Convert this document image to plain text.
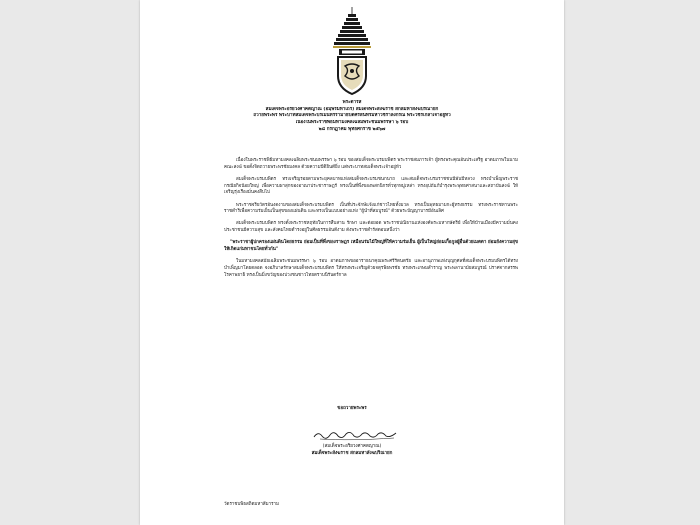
พระดำรัส
สมเด็จพระอริยวงศาคตญาณ (อมฺพรมหาเถร) สมเด็จพระสังฆราช สกลมหาสังฆปริณายก
ถวายพระพร พระบาทสมเด็จพระปรเมนทรรามาธิบดีศรีสินทรมหาวชิราลงกรณ พระวชิรเกล้าเจ้าอยู่หัว
เนื่องในพระราชพิธีมหามงคลเฉลิมพระชนมพรรษา ๖ รอบ
๒๘ กรกฎาคม พุทธศักราช ๒๕๖๗

เนื่องในพระราชพิธีมหามงคลเฉลิมพระชนมพรรษา ๖ รอบ ของสมเด็จพระบรมบพิตร พระราชสมภารเจ้า ผู้ทรงพระคุณอันประเสริฐ อาตมภาพในนามคณะสงฆ์ ขอตั้งจิตถวายพระพรชัยมงคล ด้วยความปีติยินดียิ่ง แด่พระบาทสมเด็จพระเจ้าอยู่หัว

สมเด็จพระบรมบพิตร ทรงเจริญรอยตามพระยุคลบาทแห่งสมเด็จพระบรมชนกนาถ และสมเด็จพระบรมราชชนนีพันปีหลวง ทรงบำเพ็ญพระราชกรณียกิจน้อยใหญ่ เพื่อความผาสุกของอาณาประชาราษฎร์ ทรงเป็นที่พึ่งของพสกนิกรทั่วทุกหมู่เหล่า ทรงอุปถัมภ์บำรุงพระพุทธศาสนาและสถาบันสงฆ์ ให้เจริญรุ่งเรืองมั่นคงสืบไป

พระราชจริยวัตรอันงดงามของสมเด็จพระบรมบพิตร เป็นที่ประจักษ์แจ้งแก่ชาวไทยทั้งมวล ทรงเป็นพุทธมามกะผู้ทรงธรรม ทรงพระราชทานพระราชดำริเพื่อความร่มเย็นเป็นสุขของแผ่นดิน และทรงเป็นแบบอย่างแห่ง "ผู้นำที่สมบูรณ์" ด้วยพระปัญญาบารมีอันเลิศ

สมเด็จพระบรมบพิตร ทรงตั้งพระราชหฤทัยในการสืบสาน รักษา และต่อยอด พระราชปณิธานแห่งองค์พระมหากษัตริย์ เพื่อให้บ้านเมืองมีความมั่นคง ประชาชนมีความสุข และสังคมไทยดำรงอยู่ในศีลธรรมอันดีงาม ดังพระราชดำรัสตอนหนึ่งว่า

"พระราชาผู้ปกครองแผ่นดินโดยธรรม ย่อมเป็นที่พึ่งของราษฎร เหมือนร่มไม้ใหญ่ที่ให้ความร่มเย็น ผู้เป็นใหญ่ย่อมเกื้อกูลผู้อื่นด้วยเมตตา ย่อมยังความสุขให้เกิดแก่มหาชนโดยทั่วกัน"

ในมหามงคลสมัยเฉลิมพระชนมพรรษา ๖ รอบ อาตมภาพขออาราธนาคุณพระศรีรัตนตรัย และอานุภาพแห่งบุญกุศลที่สมเด็จพระบรมบพิตรได้ทรงบำเพ็ญมาโดยตลอด จงอภิบาลรักษาสมเด็จพระบรมบพิตร ให้ทรงพระเจริญด้วยจตุรพิธพรชัย ทรงพระเกษมสำราญ พระพลานามัยสมบูรณ์ ปราศจากสรรพโรคาพยาธิ ทรงเป็นมิ่งขวัญของปวงชนชาวไทยตราบนิรันดร์กาล

ขอถวายพระพร
(สมเด็จพระอริยวงศาคตญาณ)
สมเด็จพระสังฆราช สกลมหาสังฆปริณายก
วัดราชบพิธสถิตมหาสีมาราม
